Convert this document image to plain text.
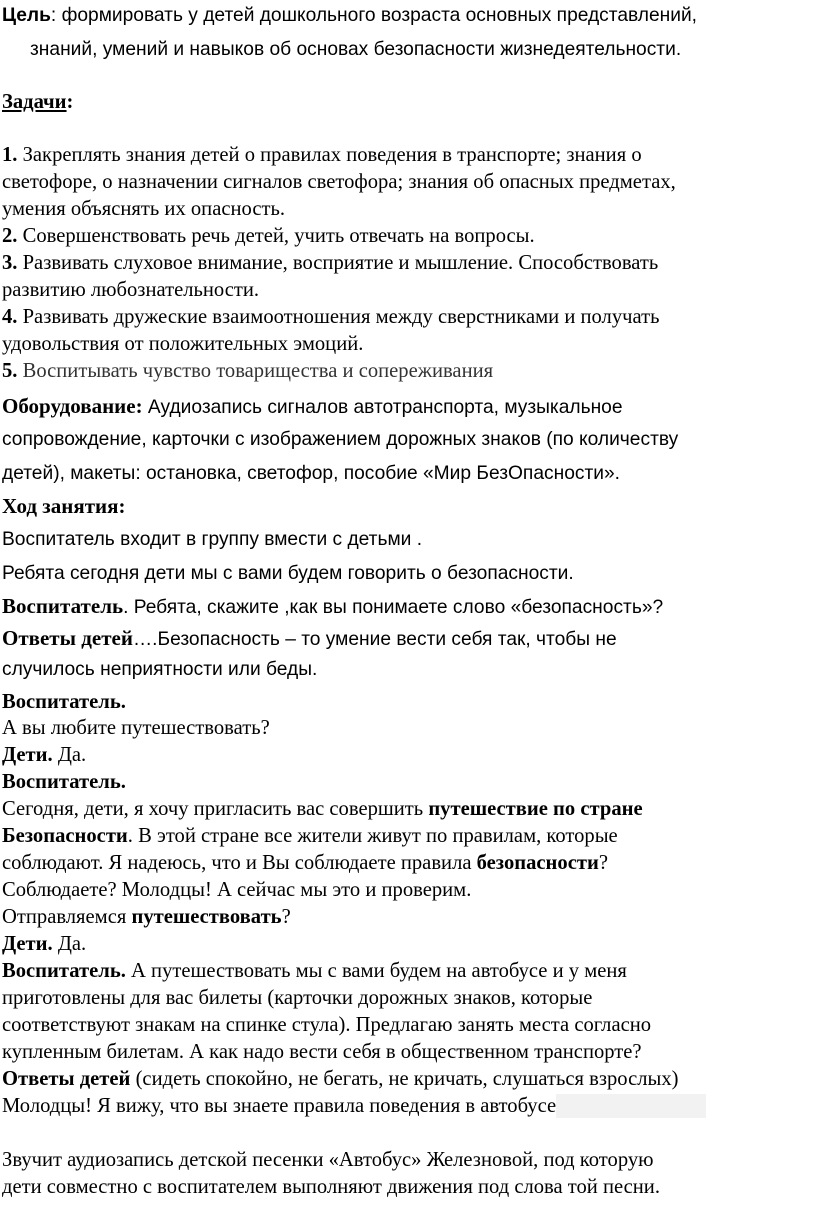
Цель: формировать у детей дошкольного возраста основных представлений,
знаний, умений и навыков об основах безопасности жизнедеятельности.
Задачи:
1. Закреплять знания детей о правилах поведения в транспорте; знания о
светофоре, о назначении сигналов светофора; знания об опасных предметах,
умения объяснять их опасность.
2. Совершенствовать речь детей, учить отвечать на вопросы.
3. Развивать слуховое внимание, восприятие и мышление. Способствовать
развитию любознательности.
4. Развивать дружеские взаимоотношения между сверстниками и получать
удовольствия от положительных эмоций.
5. Воспитывать чувство товарищества и сопереживания
Оборудование: Аудиозапись сигналов автотранспорта, музыкальное
сопровождение, карточки с изображением дорожных знаков (по количеству
детей), макеты: остановка, светофор, пособие «Мир БезОпасности».
Ход занятия:
Воспитатель входит в группу вмести с детьми .
Ребята сегодня дети мы с вами будем говорить о безопасности.
Воспитатель. Ребята, скажите ,как вы понимаете слово «безопасность»?
Ответы детей….Безопасность – то умение вести себя так, чтобы не
случилось неприятности или беды.
Воспитатель.
А вы любите путешествовать?
Дети. Да.
Воспитатель.
Сегодня, дети, я хочу пригласить вас совершить путешествие по стране
Безопасности. В этой стране все жители живут по правилам, которые
соблюдают. Я надеюсь, что и Вы соблюдаете правила безопасности?
Соблюдаете? Молодцы! А сейчас мы это и проверим.
Отправляемся путешествовать?
Дети. Да.
Воспитатель. А путешествовать мы с вами будем на автобусе и у меня
приготовлены для вас билеты (карточки дорожных знаков, которые
соответствуют знакам на спинке стула). Предлагаю занять места согласно
купленным билетам. А как надо вести себя в общественном транспорте?
Ответы детей (сидеть спокойно, не бегать, не кричать, слушаться взрослых)
Молодцы! Я вижу, что вы знаете правила поведения в автобусе
Звучит аудиозапись детской песенки «Автобус» Железновой, под которую
дети совместно с воспитателем выполняют движения под слова той песни.
